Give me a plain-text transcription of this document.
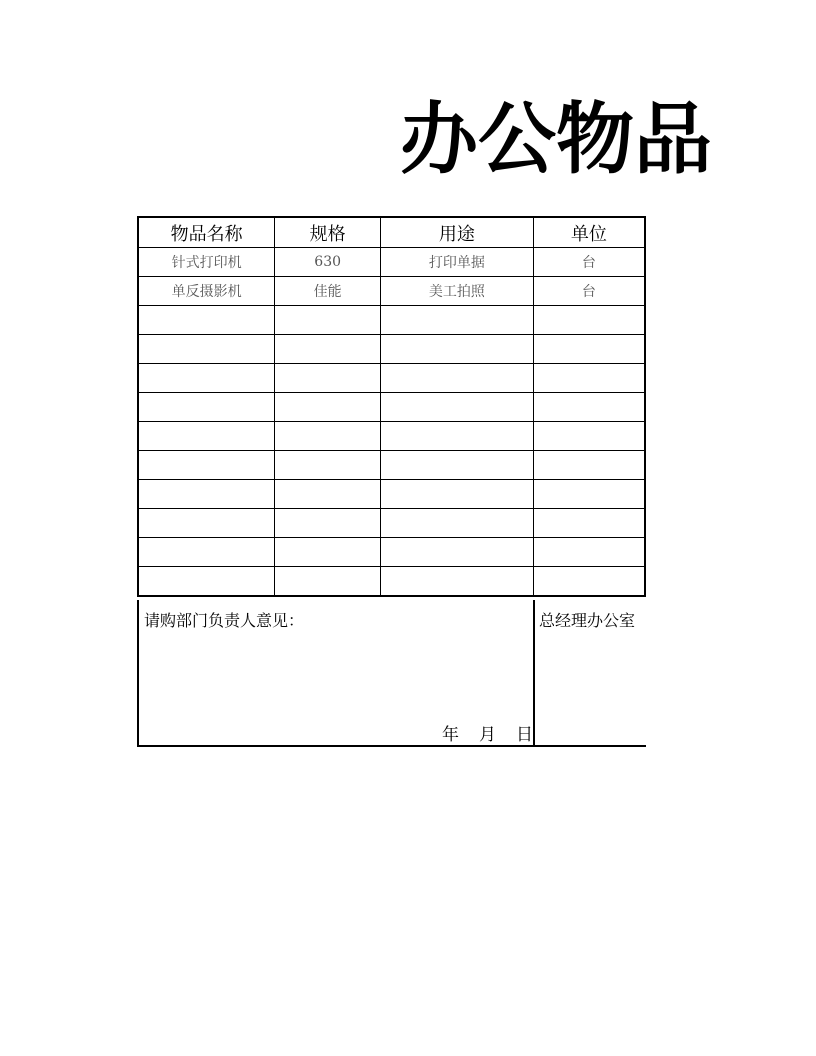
办公物品
物品名称	规格	用途	单位
针式打印机	630	打印单据	台
单反摄影机	佳能	美工拍照	台

请购部门负责人意见：
年 月 日
总经理办公室
